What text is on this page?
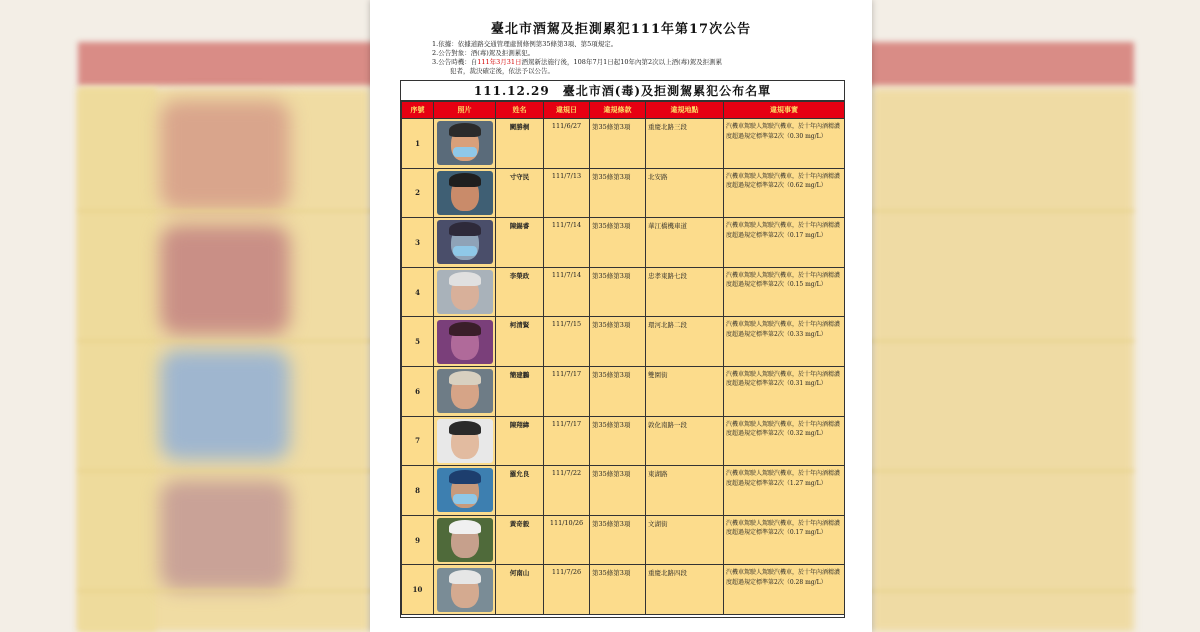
臺北市酒駕及拒測累犯111年第17次公告
1.依據：依據道路交通管理處罰條例第35條第3項、第5項規定。
2.公告對象：酒(毒)駕及拒測累犯。
3.公告時機：自111年3月31日酒駕新法施行後，108年7月1日起10年內第2次以上酒(毒)駕及拒測累
犯者，裁決確定後，依法予以公告。
111.12.29　臺北市酒(毒)及拒測駕累犯公布名單
序號	照片	姓名	違規日	違規條款	違規地點	違規事實
1		闕勝桐	111/6/27	第35條第3項	重慶北路三段	汽機車駕駛人駕駛汽機車，於十年內酒精濃度超過規定標準第2次（0.30 mg/L）
2		寸守民	111/7/13	第35條第3項	北安路	汽機車駕駛人駕駛汽機車，於十年內酒精濃度超過規定標準第2次（0.62 mg/L）
3		陳錫睿	111/7/14	第35條第3項	華江橋機車道	汽機車駕駛人駕駛汽機車，於十年內酒精濃度超過規定標準第2次（0.17 mg/L）
4		李榮政	111/7/14	第35條第3項	忠孝東路七段	汽機車駕駛人駕駛汽機車，於十年內酒精濃度超過規定標準第2次（0.15 mg/L）
5		柯清賢	111/7/15	第35條第3項	環河北路二段	汽機車駕駛人駕駛汽機車，於十年內酒精濃度超過規定標準第2次（0.33 mg/L）
6		簡建鵬	111/7/17	第35條第3項	雙園街	汽機車駕駛人駕駛汽機車，於十年內酒精濃度超過規定標準第2次（0.31 mg/L）
7		陳翔緯	111/7/17	第35條第3項	敦化南路一段	汽機車駕駛人駕駛汽機車，於十年內酒精濃度超過規定標準第2次（0.32 mg/L）
8		羅允良	111/7/22	第35條第3項	東湖路	汽機車駕駛人駕駛汽機車，於十年內酒精濃度超過規定標準第2次（1.27 mg/L）
9		黃奇毅	111/10/26	第35條第3項	文湖街	汽機車駕駛人駕駛汽機車，於十年內酒精濃度超過規定標準第2次（0.17 mg/L）
10		何南山	111/7/26	第35條第3項	重慶北路四段	汽機車駕駛人駕駛汽機車，於十年內酒精濃度超過規定標準第2次（0.28 mg/L）
